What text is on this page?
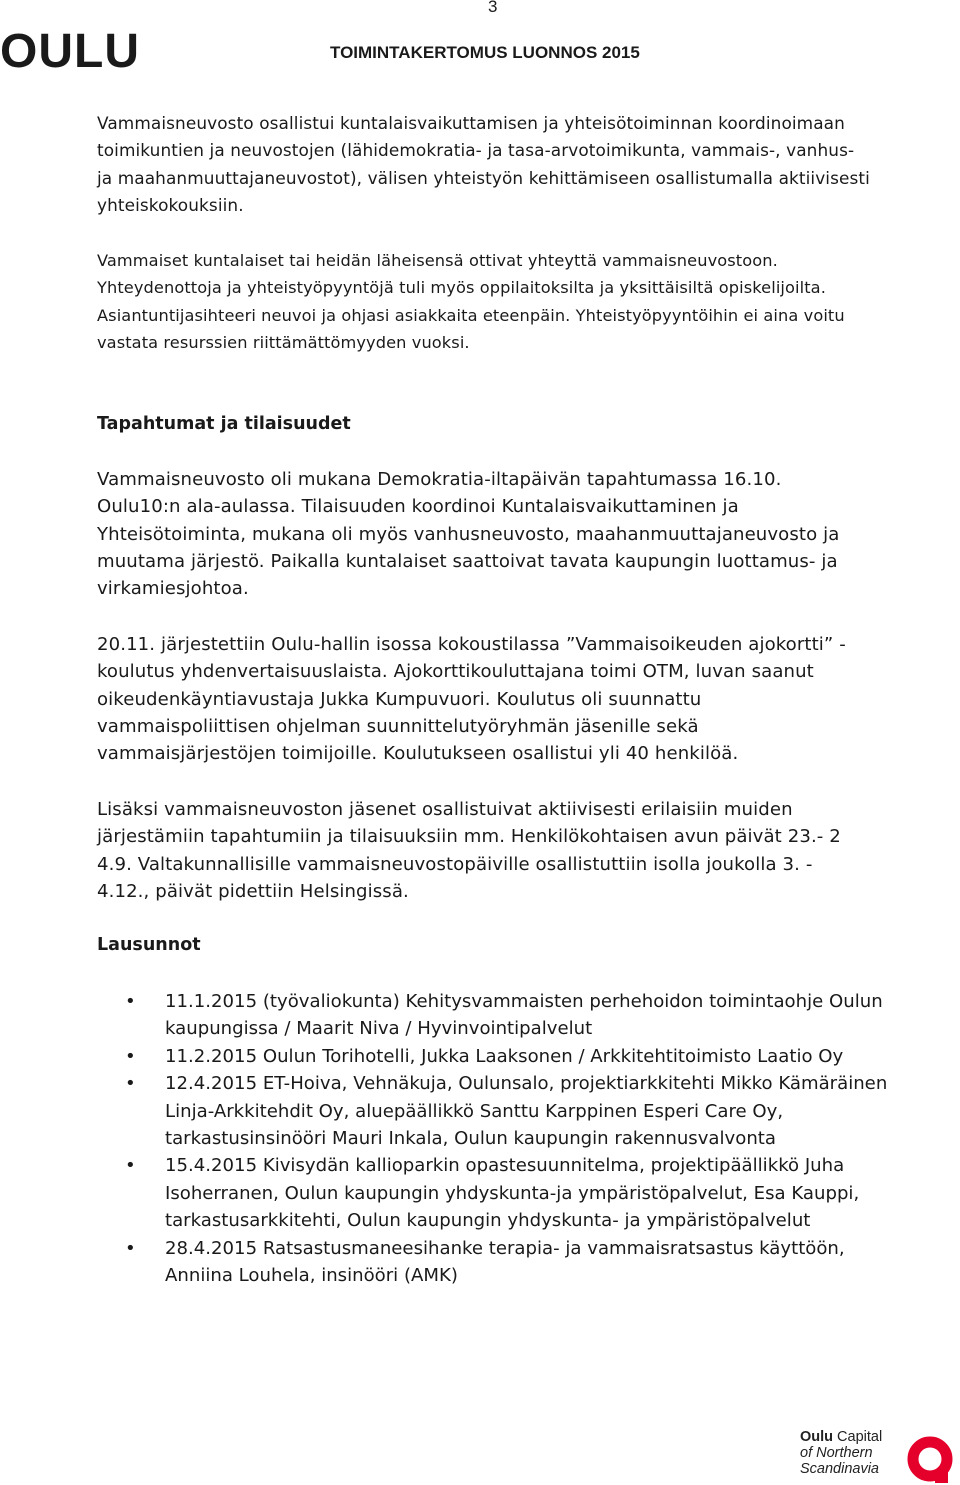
3
OULU	TOIMINTAKERTOMUS LUONNOS 2015

Vammaisneuvosto osallistui kuntalaisvaikuttamisen ja yhteisötoiminnan koordinoimaan toimikuntien ja neuvostojen (lähidemokratia- ja tasa-arvotoimikunta, vammais-, vanhus- ja maahanmuuttajaneuvostot), välisen yhteistyön kehittämiseen osallistumalla aktiivisesti yhteiskokouksiin.

Vammaiset kuntalaiset tai heidän läheisensä ottivat yhteyttä vammaisneuvostoon. Yhteydenottoja ja yhteistyöpyyntöjä tuli myös oppilaitoksilta ja yksittäisiltä opiskelijoilta. Asiantuntijasihteeri neuvoi ja ohjasi asiakkaita eteenpäin. Yhteistyöpyyntöihin ei aina voitu vastata resurssien riittämättömyyden vuoksi.

Tapahtumat ja tilaisuudet

Vammaisneuvosto oli mukana Demokratia-iltapäivän tapahtumassa 16.10. Oulu10:n ala-aulassa. Tilaisuuden koordinoi Kuntalaisvaikuttaminen ja Yhteisötoiminta, mukana oli myös vanhusneuvosto, maahanmuuttajaneuvosto ja muutama järjestö. Paikalla kuntalaiset saattoivat tavata kaupungin luottamus- ja virkamiesjohtoa.

20.11. järjestettiin Oulu-hallin isossa kokoustilassa ”Vammaisoikeuden ajokortti” -koulutus yhdenvertaisuuslaista. Ajokorttikouluttajana toimi OTM, luvan saanut oikeudenkäyntiavustaja Jukka Kumpuvuori. Koulutus oli suunnattu vammaispoliittisen ohjelman suunnittelutyöryhmän jäsenille sekä vammaisjärjestöjen toimijoille. Koulutukseen osallistui yli 40 henkilöä.

Lisäksi vammaisneuvoston jäsenet osallistuivat aktiivisesti erilaisiin muiden järjestämiin tapahtumiin ja tilaisuuksiin mm. Henkilökohtaisen avun päivät 23.- 2 4.9. Valtakunnallisille vammaisneuvostopäiville osallistuttiin isolla joukolla 3. - 4.12., päivät pidettiin Helsingissä.

Lausunnot
• 11.1.2015 (työvaliokunta) Kehitysvammaisten perhehoidon toimintaohje Oulun kaupungissa / Maarit Niva / Hyvinvointipalvelut
• 11.2.2015 Oulun Torihotelli, Jukka Laaksonen / Arkkitehtitoimisto Laatio Oy
• 12.4.2015 ET-Hoiva, Vehnäkuja, Oulunsalo, projektiarkkitehti Mikko Kämäräinen Linja-Arkkitehdit Oy, aluepäällikkö Santtu Karppinen Esperi Care Oy, tarkastusinsinööri Mauri Inkala, Oulun kaupungin rakennusvalvonta
• 15.4.2015 Kivisydän kallioparkin opastesuunnitelma, projektipäällikkö Juha Isoherranen, Oulun kaupungin yhdyskunta-ja ympäristöpalvelut, Esa Kauppi, tarkastusarkkitehti, Oulun kaupungin yhdyskunta- ja ympäristöpalvelut
• 28.4.2015 Ratsastusmaneesihanke terapia- ja vammaisratsastus käyttöön, Anniina Louhela, insinööri (AMK)
Oulu Capital
of Northern
Scandinavia
